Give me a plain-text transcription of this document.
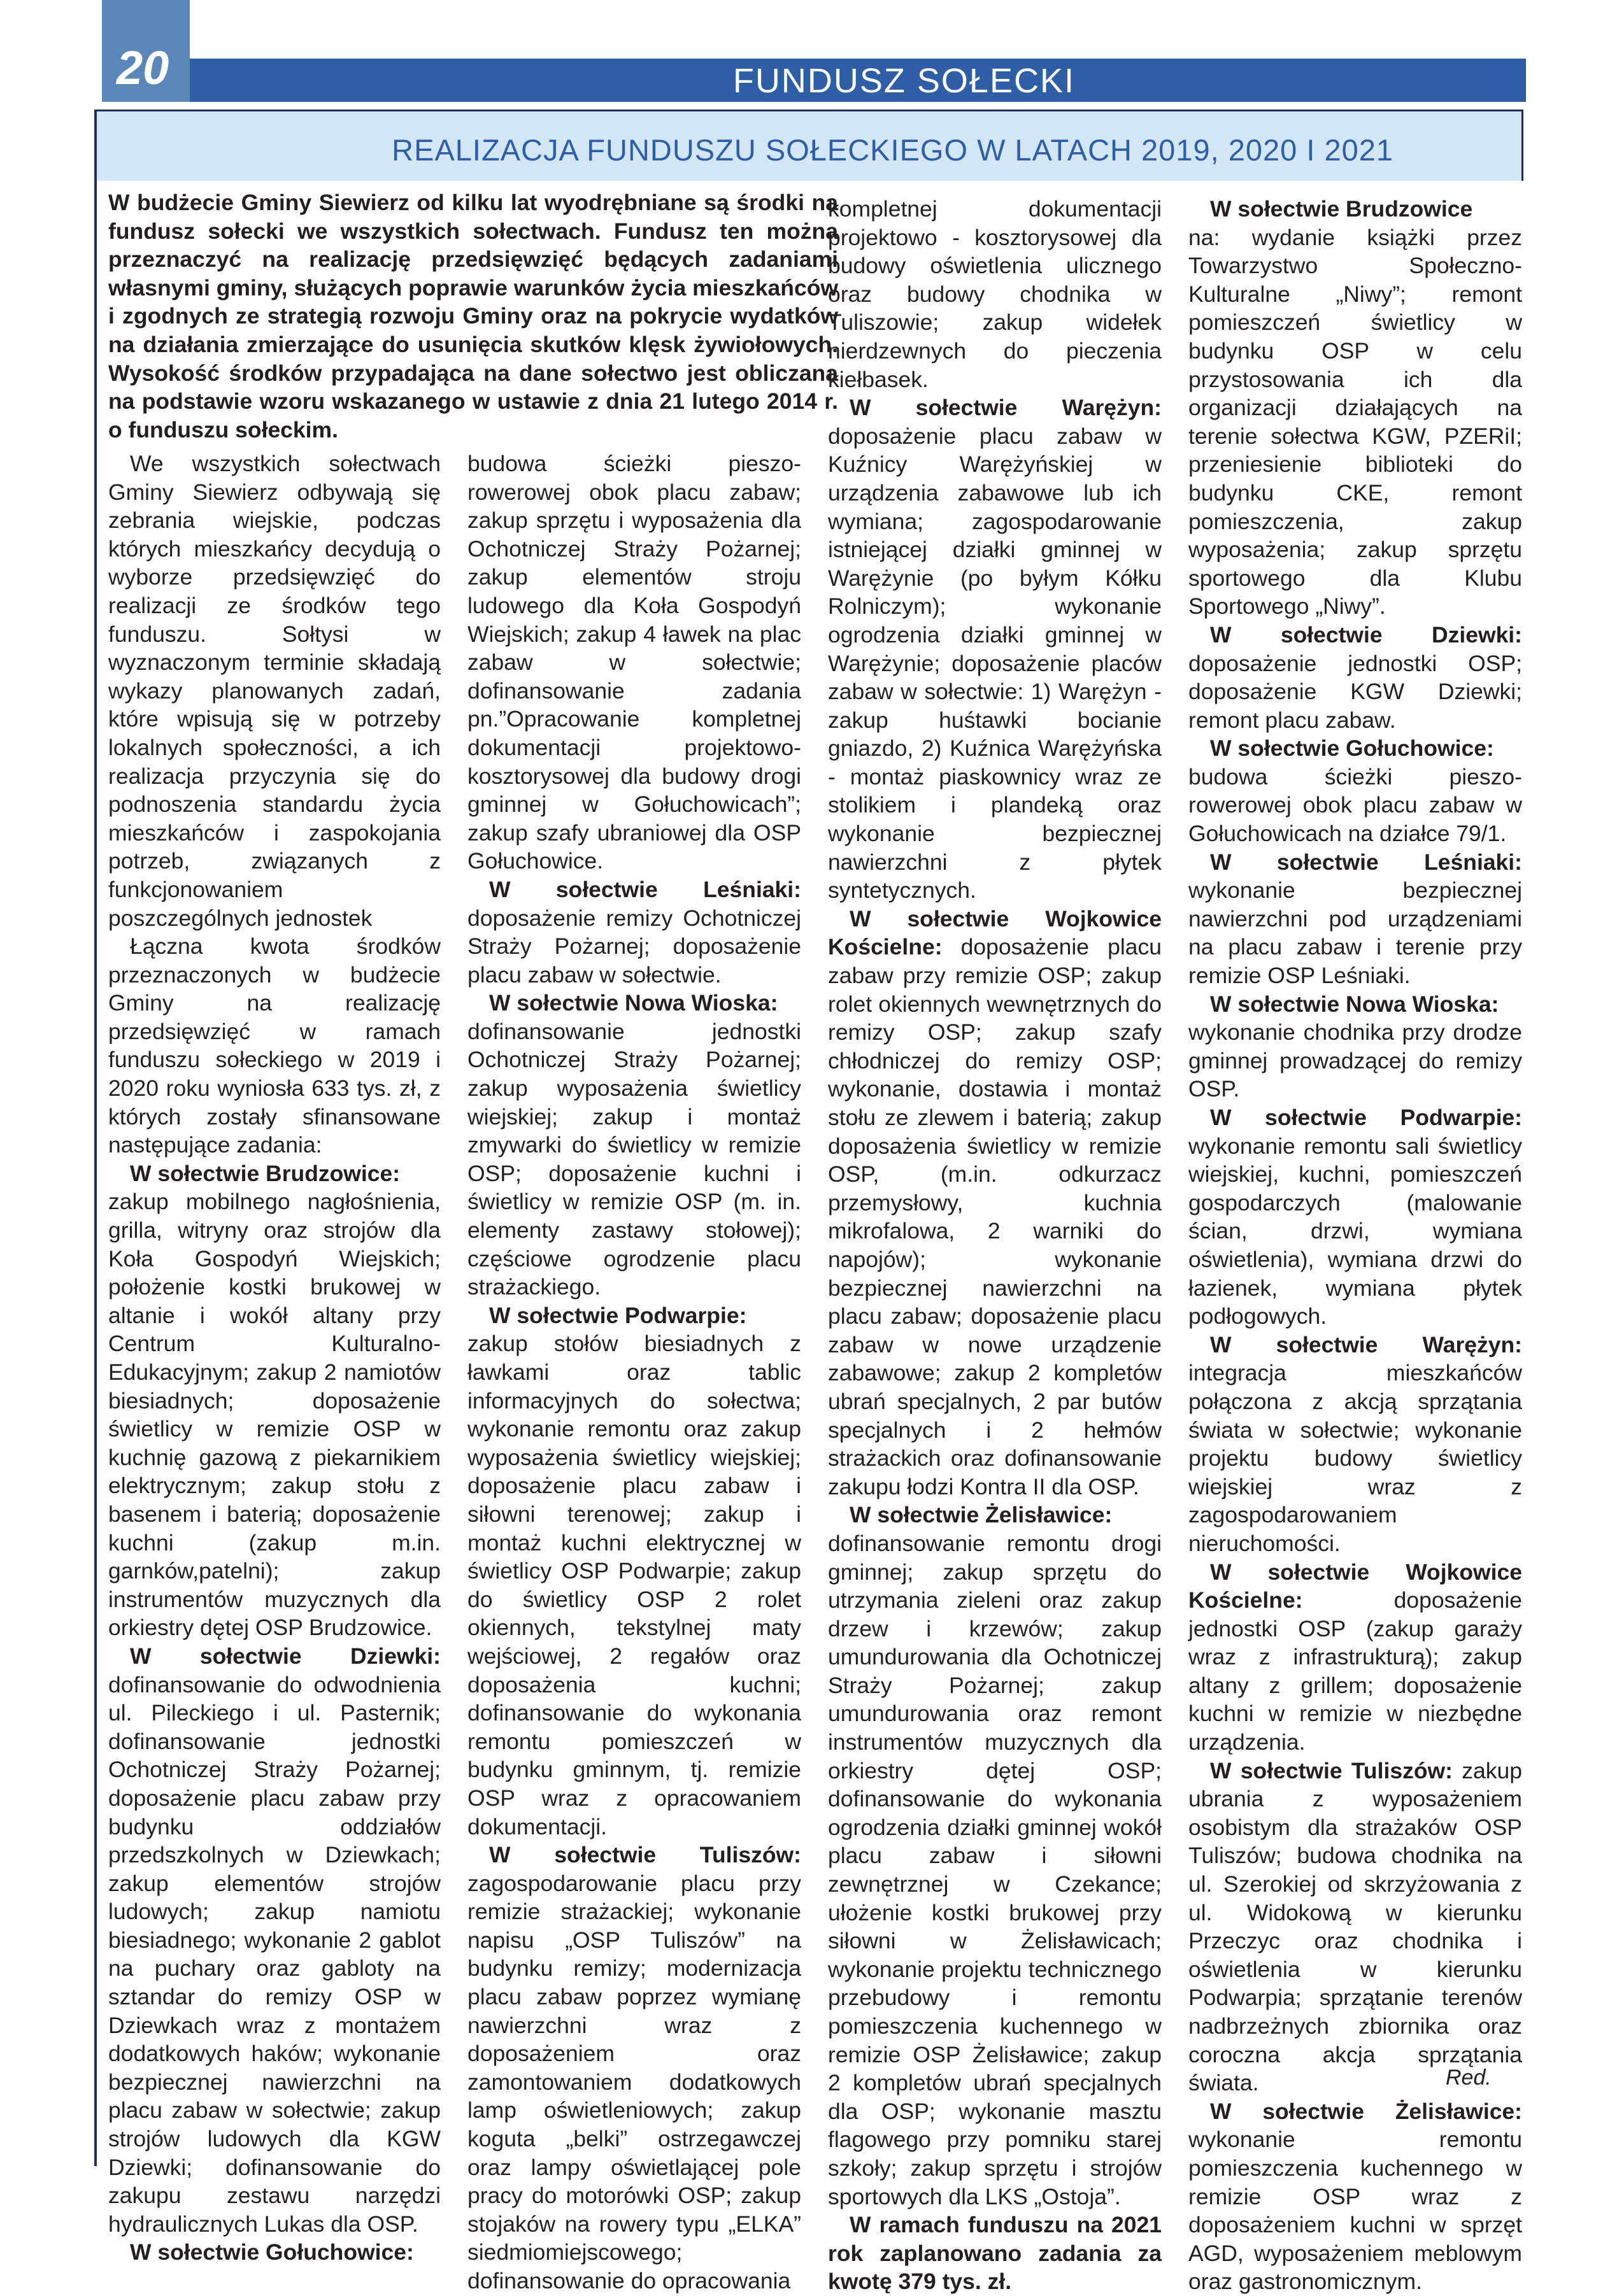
20	FUNDUSZ SOŁECKI
REALIZACJA FUNDUSZU SOŁECKIEGO W LATACH 2019, 2020 I 2021
W budżecie Gminy Siewierz od kilku lat wyodrębniane są środki na fundusz sołecki we wszystkich sołectwach. Fundusz ten można przeznaczyć na realizację przedsięwzięć będących zadaniami własnymi gminy, służących poprawie warunków życia mieszkańców i zgodnych ze strategią rozwoju Gminy oraz na pokrycie wydatków na działania zmierzające do usunięcia skutków klęsk żywiołowych. Wysokość środków przypadająca na dane sołectwo jest obliczana na podstawie wzoru wskazanego w ustawie z dnia 21 lutego 2014 r. o funduszu sołeckim.

We wszystkich sołectwach Gminy Siewierz odbywają się zebrania wiejskie, podczas których mieszkańcy decydują o wyborze przedsięwzięć do realizacji ze środków tego funduszu. Sołtysi w wyznaczonym terminie składają wykazy planowanych zadań, które wpisują się w potrzeby lokalnych społeczności, a ich realizacja przyczynia się do podnoszenia standardu życia mieszkańców i zaspokojania potrzeb, związanych z funkcjonowaniem poszczególnych jednostek

Łączna kwota środków przeznaczonych w budżecie Gminy na realizację przedsięwzięć w ramach funduszu sołeckiego w 2019 i 2020 roku wyniosła 633 tys. zł, z których zostały sfinansowane następujące zadania:

W sołectwie Brudzowice:

zakup mobilnego nagłośnienia, grilla, witryny oraz strojów dla Koła Gospodyń Wiejskich; położenie kostki brukowej w altanie i wokół altany przy Centrum Kulturalno-Edukacyjnym; zakup 2 namiotów biesiadnych; doposażenie świetlicy w remizie OSP w kuchnię gazową z piekarnikiem elektrycznym; zakup stołu z basenem i baterią; doposażenie kuchni (zakup m.in. garnków,patelni); zakup instrumentów muzycznych dla orkiestry dętej OSP Brudzowice.

W sołectwie Dziewki: dofinansowanie do odwodnienia ul. Pileckiego i ul. Pasternik; dofinansowanie jednostki Ochotniczej Straży Pożarnej; doposażenie placu zabaw przy budynku oddziałów przedszkolnych w Dziewkach; zakup elementów strojów ludowych; zakup namiotu biesiadnego; wykonanie 2 gablot na puchary oraz gabloty na sztandar do remizy OSP w Dziewkach wraz z montażem dodatkowych haków; wykonanie bezpiecznej nawierzchni na placu zabaw w sołectwie; zakup strojów ludowych dla KGW Dziewki; dofinansowanie do zakupu zestawu narzędzi hydraulicznych Lukas dla OSP.

W sołectwie Gołuchowice:

budowa ścieżki pieszo-rowerowej obok placu zabaw; zakup sprzętu i wyposażenia dla Ochotniczej Straży Pożarnej; zakup elementów stroju ludowego dla Koła Gospodyń Wiejskich; zakup 4 ławek na plac zabaw w sołectwie; dofinansowanie zadania pn.”Opracowanie kompletnej dokumentacji projektowo-kosztorysowej dla budowy drogi gminnej w Gołuchowicach”; zakup szafy ubraniowej dla OSP Gołuchowice.

W sołectwie Leśniaki: doposażenie remizy Ochotniczej Straży Pożarnej; doposażenie placu zabaw w sołectwie.

W sołectwie Nowa Wioska:

dofinansowanie jednostki Ochotniczej Straży Pożarnej; zakup wyposażenia świetlicy wiejskiej; zakup i montaż zmywarki do świetlicy w remizie OSP; doposażenie kuchni i świetlicy w remizie OSP (m. in. elementy zastawy stołowej); częściowe ogrodzenie placu strażackiego.

W sołectwie Podwarpie:

zakup stołów biesiadnych z ławkami oraz tablic informacyjnych do sołectwa; wykonanie remontu oraz zakup wyposażenia świetlicy wiejskiej; doposażenie placu zabaw i siłowni terenowej; zakup i montaż kuchni elektrycznej w świetlicy OSP Podwarpie; zakup do świetlicy OSP 2 rolet okiennych, tekstylnej maty wejściowej, 2 regałów oraz doposażenia kuchni; dofinansowanie do wykonania remontu pomieszczeń w budynku gminnym, tj. remizie OSP wraz z opracowaniem dokumentacji.

W sołectwie Tuliszów: zagospodarowanie placu przy remizie strażackiej; wykonanie napisu „OSP Tuliszów” na budynku remizy; modernizacja placu zabaw poprzez wymianę nawierzchni wraz z doposażeniem oraz zamontowaniem dodatkowych lamp oświetleniowych; zakup koguta „belki” ostrzegawczej oraz lampy oświetlającej pole pracy do motorówki OSP; zakup stojaków na rowery typu „ELKA” siedmiomiejscowego; dofinansowanie do opracowania

kompletnej dokumentacji projektowo - kosztorysowej dla budowy oświetlenia ulicznego oraz budowy chodnika w Tuliszowie; zakup widełek nierdzewnych do pieczenia kiełbasek.

W sołectwie Warężyn: doposażenie placu zabaw w Kuźnicy Warężyńskiej w urządzenia zabawowe lub ich wymiana; zagospodarowanie istniejącej działki gminnej w Warężynie (po byłym Kółku Rolniczym); wykonanie ogrodzenia działki gminnej w Warężynie; doposażenie placów zabaw w sołectwie: 1) Warężyn - zakup huśtawki bocianie gniazdo, 2) Kuźnica Warężyńska - montaż piaskownicy wraz ze stolikiem i plandeką oraz wykonanie bezpiecznej nawierzchni z płytek syntetycznych.

W sołectwie Wojkowice Kościelne: doposażenie placu zabaw przy remizie OSP; zakup rolet okiennych wewnętrznych do remizy OSP; zakup szafy chłodniczej do remizy OSP; wykonanie, dostawia i montaż stołu ze zlewem i baterią; zakup doposażenia świetlicy w remizie OSP, (m.in. odkurzacz przemysłowy, kuchnia mikrofalowa, 2 warniki do napojów); wykonanie bezpiecznej nawierzchni na placu zabaw; doposażenie placu zabaw w nowe urządzenie zabawowe; zakup 2 kompletów ubrań specjalnych, 2 par butów specjalnych i 2 hełmów strażackich oraz dofinansowanie zakupu łodzi Kontra II dla OSP.

W sołectwie Żelisławice:

dofinansowanie remontu drogi gminnej; zakup sprzętu do utrzymania zieleni oraz zakup drzew i krzewów; zakup umundurowania dla Ochotniczej Straży Pożarnej; zakup umundurowania oraz remont instrumentów muzycznych dla orkiestry dętej OSP; dofinansowanie do wykonania ogrodzenia działki gminnej wokół placu zabaw i siłowni zewnętrznej w Czekance; ułożenie kostki brukowej przy siłowni w Żelisławicach; wykonanie projektu technicznego przebudowy i remontu pomieszczenia kuchennego w remizie OSP Żelisławice; zakup 2 kompletów ubrań specjalnych dla OSP; wykonanie masztu flagowego przy pomniku starej szkoły; zakup sprzętu i strojów sportowych dla LKS „Ostoja”.

W ramach funduszu na 2021 rok zaplanowano zadania za kwotę 379 tys. zł.

W sołectwie Brudzowice

na: wydanie książki przez Towarzystwo Społeczno-Kulturalne „Niwy”; remont pomieszczeń świetlicy w budynku OSP w celu przystosowania ich dla organizacji działających na terenie sołectwa KGW, PZERiI; przeniesienie biblioteki do budynku CKE, remont pomieszczenia, zakup wyposażenia; zakup sprzętu sportowego dla Klubu Sportowego „Niwy”.

W sołectwie Dziewki: doposażenie jednostki OSP; doposażenie KGW Dziewki; remont placu zabaw.

W sołectwie Gołuchowice:

budowa ścieżki pieszo-rowerowej obok placu zabaw w Gołuchowicach na działce 79/1.

W sołectwie Leśniaki: wykonanie bezpiecznej nawierzchni pod urządzeniami na placu zabaw i terenie przy remizie OSP Leśniaki.

W sołectwie Nowa Wioska:

wykonanie chodnika przy drodze gminnej prowadzącej do remizy OSP.

W sołectwie Podwarpie: wykonanie remontu sali świetlicy wiejskiej, kuchni, pomieszczeń gospodarczych (malowanie ścian, drzwi, wymiana oświetlenia), wymiana drzwi do łazienek, wymiana płytek podłogowych.

W sołectwie Warężyn: integracja mieszkańców połączona z akcją sprzątania świata w sołectwie; wykonanie projektu budowy świetlicy wiejskiej wraz z zagospodarowaniem nieruchomości.

W sołectwie Wojkowice Kościelne:	doposażenie jednostki OSP (zakup garaży wraz z infrastrukturą); zakup altany z grillem; doposażenie kuchni w remizie w niezbędne urządzenia.

W sołectwie Tuliszów: zakup ubrania z wyposażeniem osobistym dla strażaków OSP Tuliszów; budowa chodnika na ul. Szerokiej od skrzyżowania z ul. Widokową w kierunku Przeczyc oraz chodnika i oświetlenia w kierunku Podwarpia; sprzątanie terenów nadbrzeżnych zbiornika oraz coroczna akcja sprzątania świata.

W sołectwie Żelisławice: wykonanie remontu pomieszczenia kuchennego w remizie OSP wraz z doposażeniem kuchni w sprzęt AGD, wyposażeniem meblowym oraz gastronomicznym.

Red.
